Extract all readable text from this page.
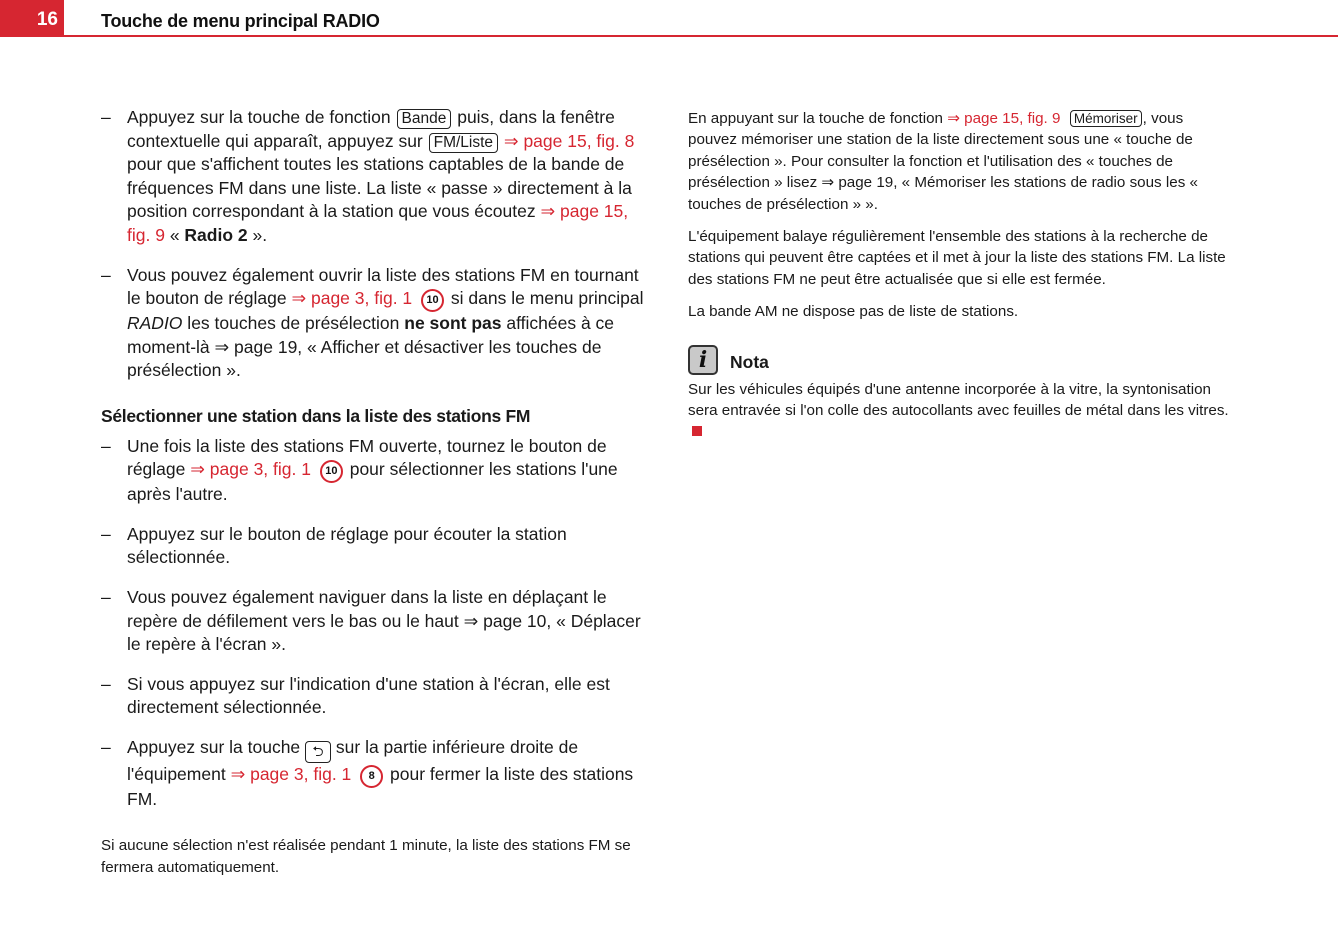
16 Touche de menu principal RADIO
– Appuyez sur la touche de fonction Bande puis, dans la fenêtre contextuelle qui apparaît, appuyez sur FM/Liste ⇒ page 15, fig. 8 pour que s'affichent toutes les stations captables de la bande de fréquences FM dans une liste. La liste « passe » directement à la position correspondant à la station que vous écoutez ⇒ page 15, fig. 9 « Radio 2 ».
– Vous pouvez également ouvrir la liste des stations FM en tournant le bouton de réglage ⇒ page 3, fig. 1 10 si dans le menu principal RADIO les touches de présélection ne sont pas affichées à ce moment-là ⇒ page 19, « Afficher et désactiver les touches de présélection ».
Sélectionner une station dans la liste des stations FM
– Une fois la liste des stations FM ouverte, tournez le bouton de réglage ⇒ page 3, fig. 1 10 pour sélectionner les stations l'une après l'autre.
– Appuyez sur le bouton de réglage pour écouter la station sélectionnée.
– Vous pouvez également naviguer dans la liste en déplaçant le repère de défilement vers le bas ou le haut ⇒ page 10, « Déplacer le repère à l'écran ».
– Si vous appuyez sur l'indication d'une station à l'écran, elle est directement sélectionnée.
– Appuyez sur la touche ⮌ sur la partie inférieure droite de l'équipement ⇒ page 3, fig. 1 8 pour fermer la liste des stations FM.
Si aucune sélection n'est réalisée pendant 1 minute, la liste des stations FM se fermera automatiquement.

En appuyant sur la touche de fonction ⇒ page 15, fig. 9 Mémoriser , vous pouvez mémoriser une station de la liste directement sous une « touche de présélection ». Pour consulter la fonction et l'utilisation des « touches de présélection » lisez ⇒ page 19, « Mémoriser les stations de radio sous les « touches de présélection » ».

L'équipement balaye régulièrement l'ensemble des stations à la recherche de stations qui peuvent être captées et il met à jour la liste des stations FM. La liste des stations FM ne peut être actualisée que si elle est fermée.

La bande AM ne dispose pas de liste de stations.

i	Nota

Sur les véhicules équipés d'une antenne incorporée à la vitre, la syntonisation sera entravée si l'on colle des autocollants avec feuilles de métal dans les vitres.
